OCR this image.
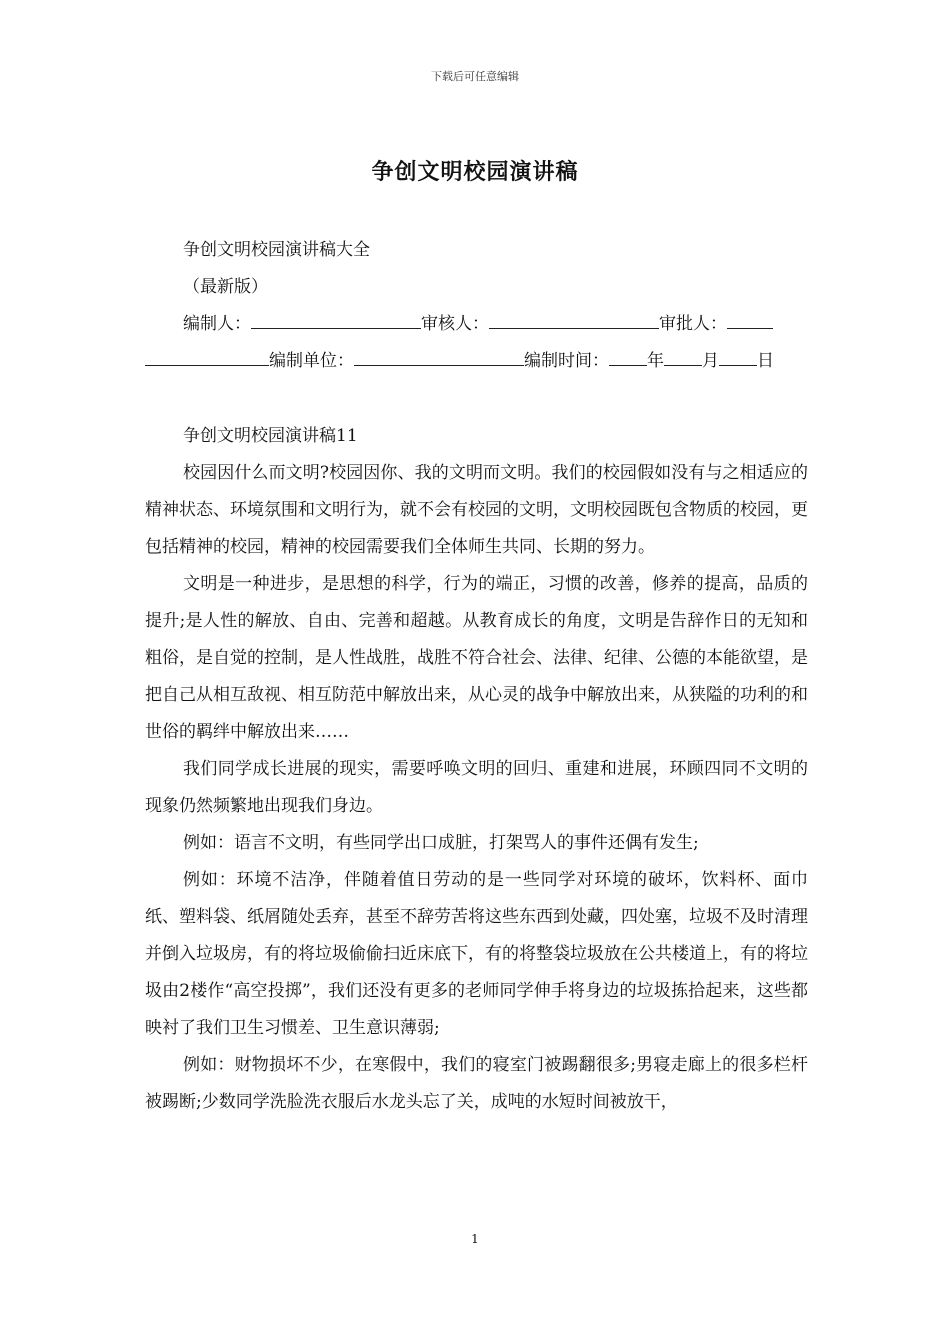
下载后可任意编辑
争创文明校园演讲稿

争创文明校园演讲稿大全

（最新版）

编制人：	审核人：	审批人：

编制单位：	编制时间： 年 月 日

争创文明校园演讲稿11

校园因什么而文明?校园因你、我的文明而文明。我们的校园假如没有与之相适应的精神状态、环境氛围和文明行为，就不会有校园的文明，文明校园既包含物质的校园，更包括精神的校园，精神的校园需要我们全体师生共同、长期的努力。

文明是一种进步，是思想的科学，行为的端正，习惯的改善，修养的提高，品质的提升;是人性的解放、自由、完善和超越。从教育成长的角度，文明是告辞作日的无知和粗俗，是自觉的控制，是人性战胜，战胜不符合社会、法律、纪律、公德的本能欲望，是把自己从相互敌视、相互防范中解放出来，从心灵的战争中解放出来，从狭隘的功利的和世俗的羁绊中解放出来……

我们同学成长进展的现实，需要呼唤文明的回归、重建和进展，环顾四同不文明的现象仍然频繁地出现我们身边。

例如：语言不文明，有些同学出口成脏，打架骂人的事件还偶有发生;

例如：环境不洁净，伴随着值日劳动的是一些同学对环境的破坏，饮料杯、面巾纸、塑料袋、纸屑随处丢弃，甚至不辞劳苦将这些东西到处藏，四处塞，垃圾不及时清理并倒入垃圾房，有的将垃圾偷偷扫近床底下，有的将整袋垃圾放在公共楼道上，有的将垃圾由2楼作“高空投掷”，我们还没有更多的老师同学伸手将身边的垃圾拣拾起来，这些都映衬了我们卫生习惯差、卫生意识薄弱;

例如：财物损坏不少，在寒假中，我们的寝室门被踢翻很多;男寝走廊上的很多栏杆被踢断;少数同学洗脸洗衣服后水龙头忘了关，成吨的水短时间被放干，

1
